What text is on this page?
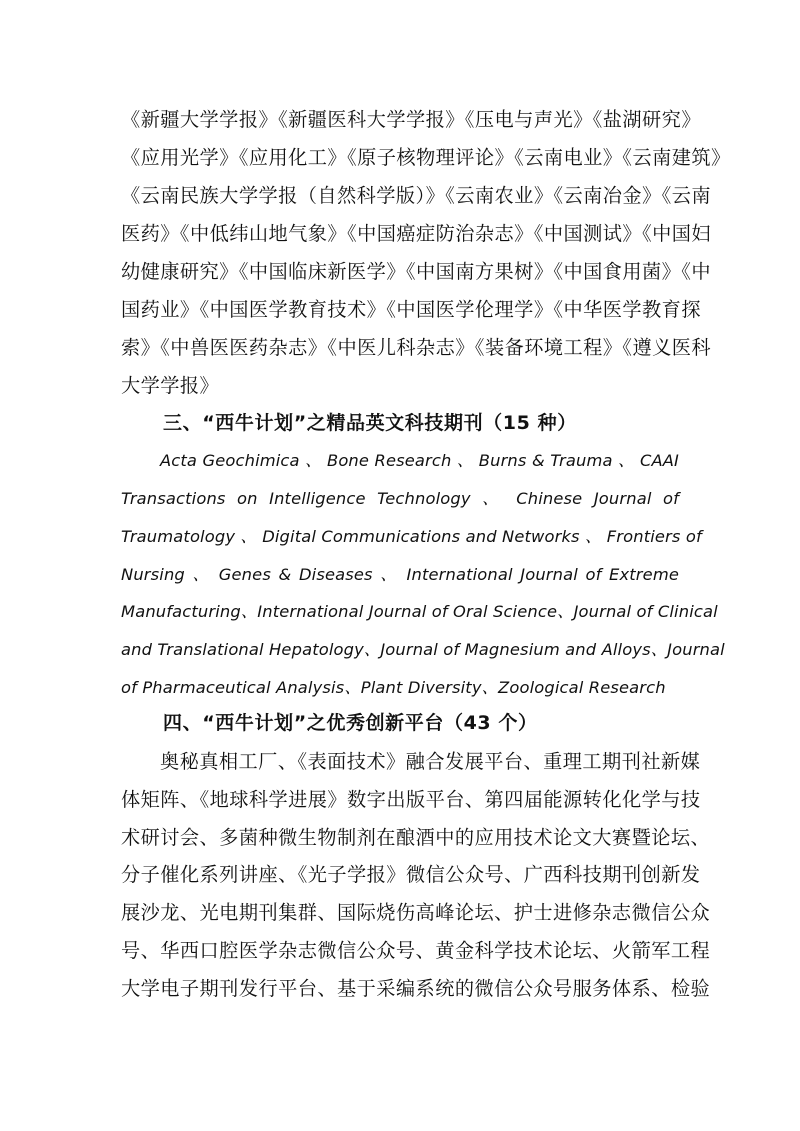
《新疆大学学报》《新疆医科大学学报》《压电与声光》《盐湖研究》
《应用光学》《应用化工》《原子核物理评论》《云南电业》《云南建筑》
《云南民族大学学报（自然科学版）》《云南农业》《云南冶金》《云南
医药》《中低纬山地气象》《中国癌症防治杂志》《中国测试》《中国妇
幼健康研究》《中国临床新医学》《中国南方果树》《中国食用菌》《中
国药业》《中国医学教育技术》《中国医学伦理学》《中华医学教育探
索》《中兽医医药杂志》《中医儿科杂志》《装备环境工程》《遵义医科
大学学报》
三、“西牛计划”之精品英文科技期刊（15 种）
Acta Geochimica 、 Bone Research 、 Burns & Trauma 、 CAAI
Transactions on Intelligence Technology 、 Chinese Journal of
Traumatology 、 Digital Communications and Networks 、 Frontiers of
Nursing 、 Genes & Diseases 、 International Journal of Extreme
Manufacturing、International Journal of Oral Science、Journal of Clinical
and Translational Hepatology、Journal of Magnesium and Alloys、Journal
of Pharmaceutical Analysis、Plant Diversity、Zoological Research
四、“西牛计划”之优秀创新平台（43 个）
奥秘真相工厂、《表面技术》融合发展平台、重理工期刊社新媒
体矩阵、《地球科学进展》数字出版平台、第四届能源转化化学与技
术研讨会、多菌种微生物制剂在酿酒中的应用技术论文大赛暨论坛、
分子催化系列讲座、《光子学报》微信公众号、广西科技期刊创新发
展沙龙、光电期刊集群、国际烧伤高峰论坛、护士进修杂志微信公众
号、华西口腔医学杂志微信公众号、黄金科学技术论坛、火箭军工程
大学电子期刊发行平台、基于采编系统的微信公众号服务体系、检验
